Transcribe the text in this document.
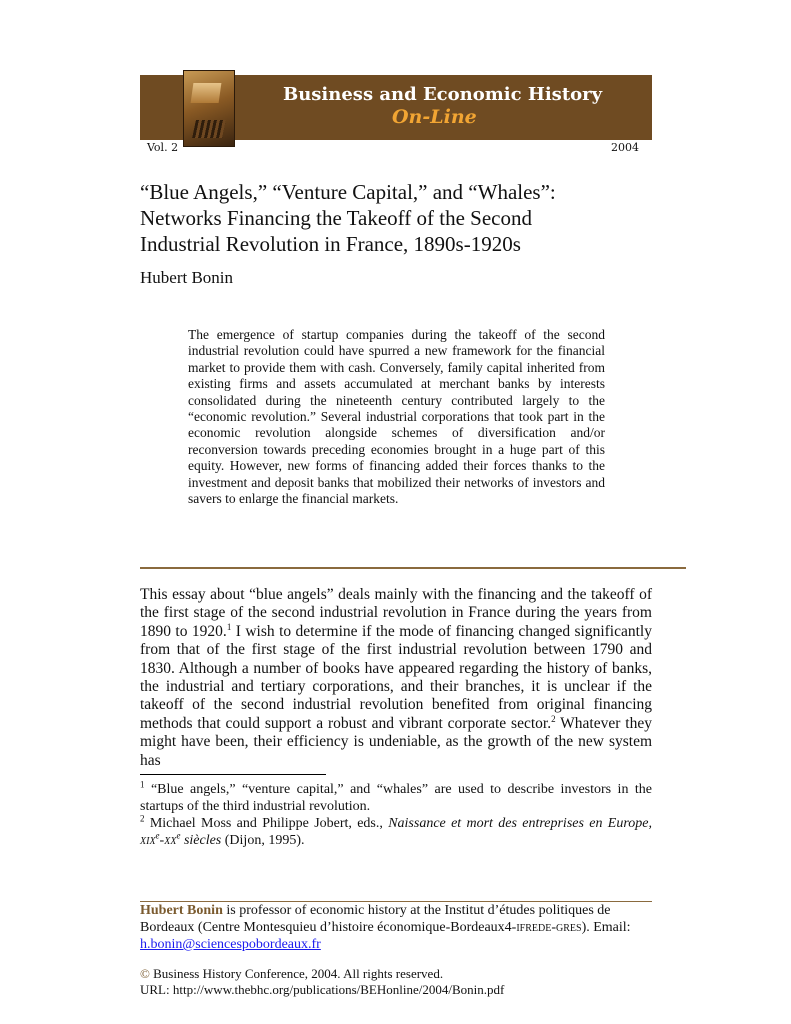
Business and Economic History
On-Line
Vol. 2	2004
“Blue Angels,” “Venture Capital,” and “Whales”:
Networks Financing the Takeoff of the Second
Industrial Revolution in France, 1890s-1920s
Hubert Bonin

The emergence of startup companies during the takeoff of the second industrial revolution could have spurred a new framework for the financial market to provide them with cash. Conversely, family capital inherited from existing firms and assets accumulated at merchant banks by interests consolidated during the nineteenth century contributed largely to the “economic revolution.” Several industrial corporations that took part in the economic revolution alongside schemes of diversification and/or reconversion towards preceding economies brought in a huge part of this equity. However, new forms of financing added their forces thanks to the investment and deposit banks that mobilized their networks of investors and savers to enlarge the financial markets.

This essay about “blue angels” deals mainly with the financing and the takeoff of the first stage of the second industrial revolution in France during the years from 1890 to 1920.$^1$ I wish to determine if the mode of financing changed significantly from that of the first stage of the first industrial revolution between 1790 and 1830. Although a number of books have appeared regarding the history of banks, the industrial and tertiary corporations, and their branches, it is unclear if the takeoff of the second industrial revolution benefited from original financing methods that could support a robust and vibrant corporate sector.$^2$ Whatever they might have been, their efficiency is undeniable, as the growth of the new system has

$^1$ “Blue angels,” “venture capital,” and “whales” are used to describe investors in the startups of the third industrial revolution.

$^2$ Michael Moss and Philippe Jobert, eds., Naissance et mort des entreprises en Europe, $xix^e-xx^e$ siècles (Dijon, 1995).

Hubert Bonin is professor of economic history at the Institut d’études politiques de Bordeaux (Centre Montesquieu d’histoire économique-Bordeaux4-ifrede-gres). Email: h.bonin@sciencespobordeaux.fr
© Business History Conference, 2004. All rights reserved.
URL: http://www.thebhc.org/publications/BEHonline/2004/Bonin.pdf
